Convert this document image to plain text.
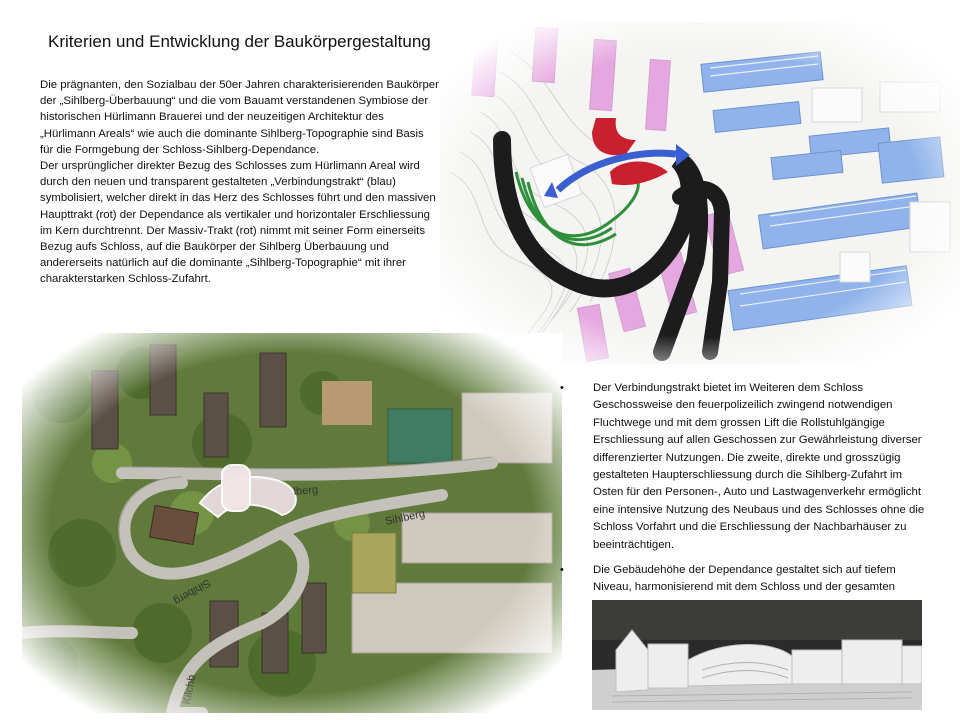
Kriterien und Entwicklung der Baukörpergestaltung

Die prägnanten, den Sozialbau der 50er Jahren charakterisierenden Baukörper der „Sihlberg-Überbauung“ und die vom Bauamt verstandenen Symbiose der historischen Hürlimann Brauerei und der neuzeitigen Architektur des „Hürlimann Areals“ wie auch die dominante Sihlberg-Topographie sind Basis für die Formgebung der Schloss-Sihlberg-Dependance.

Der ursprünglicher direkter Bezug des Schlosses zum Hürlimann Areal wird durch den neuen und transparent gestalteten „Verbindungstrakt“ (blau) symbolisiert, welcher direkt in das Herz des Schlosses führt und den massiven Haupttrakt (rot) der Dependance als vertikaler und horizontaler Erschliessung im Kern durchtrennt. Der Massiv-Trakt (rot) nimmt mit seiner Form einerseits Bezug aufs Schloss, auf die Baukörper der Sihlberg Überbauung und andererseits natürlich auf die dominante „Sihlberg-Topographie“ mit ihrer charakterstarken Schloss-Zufahrt.

•	Der Verbindungstrakt bietet im Weiteren dem Schloss Geschossweise den feuerpolizeilich zwingend notwendigen Fluchtwege und mit dem grossen Lift die Rollstuhlgängige Erschliessung auf allen Geschossen zur Gewährleistung diverser differenzierter Nutzungen. Die zweite, direkte und grosszügig gestalteten Haupterschliessung durch die Sihlberg-Zufahrt im Osten für den Personen-, Auto und Lastwagenverkehr ermöglicht eine intensive Nutzung des Neubaus und des Schlosses ohne die Schloss Vorfahrt und die Erschliessung der Nachbarhäuser zu beeinträchtigen.
•	Die Gebäudehöhe der Dependance gestaltet sich auf tiefem Niveau, harmonisierend mit dem Schloss und der gesamten
